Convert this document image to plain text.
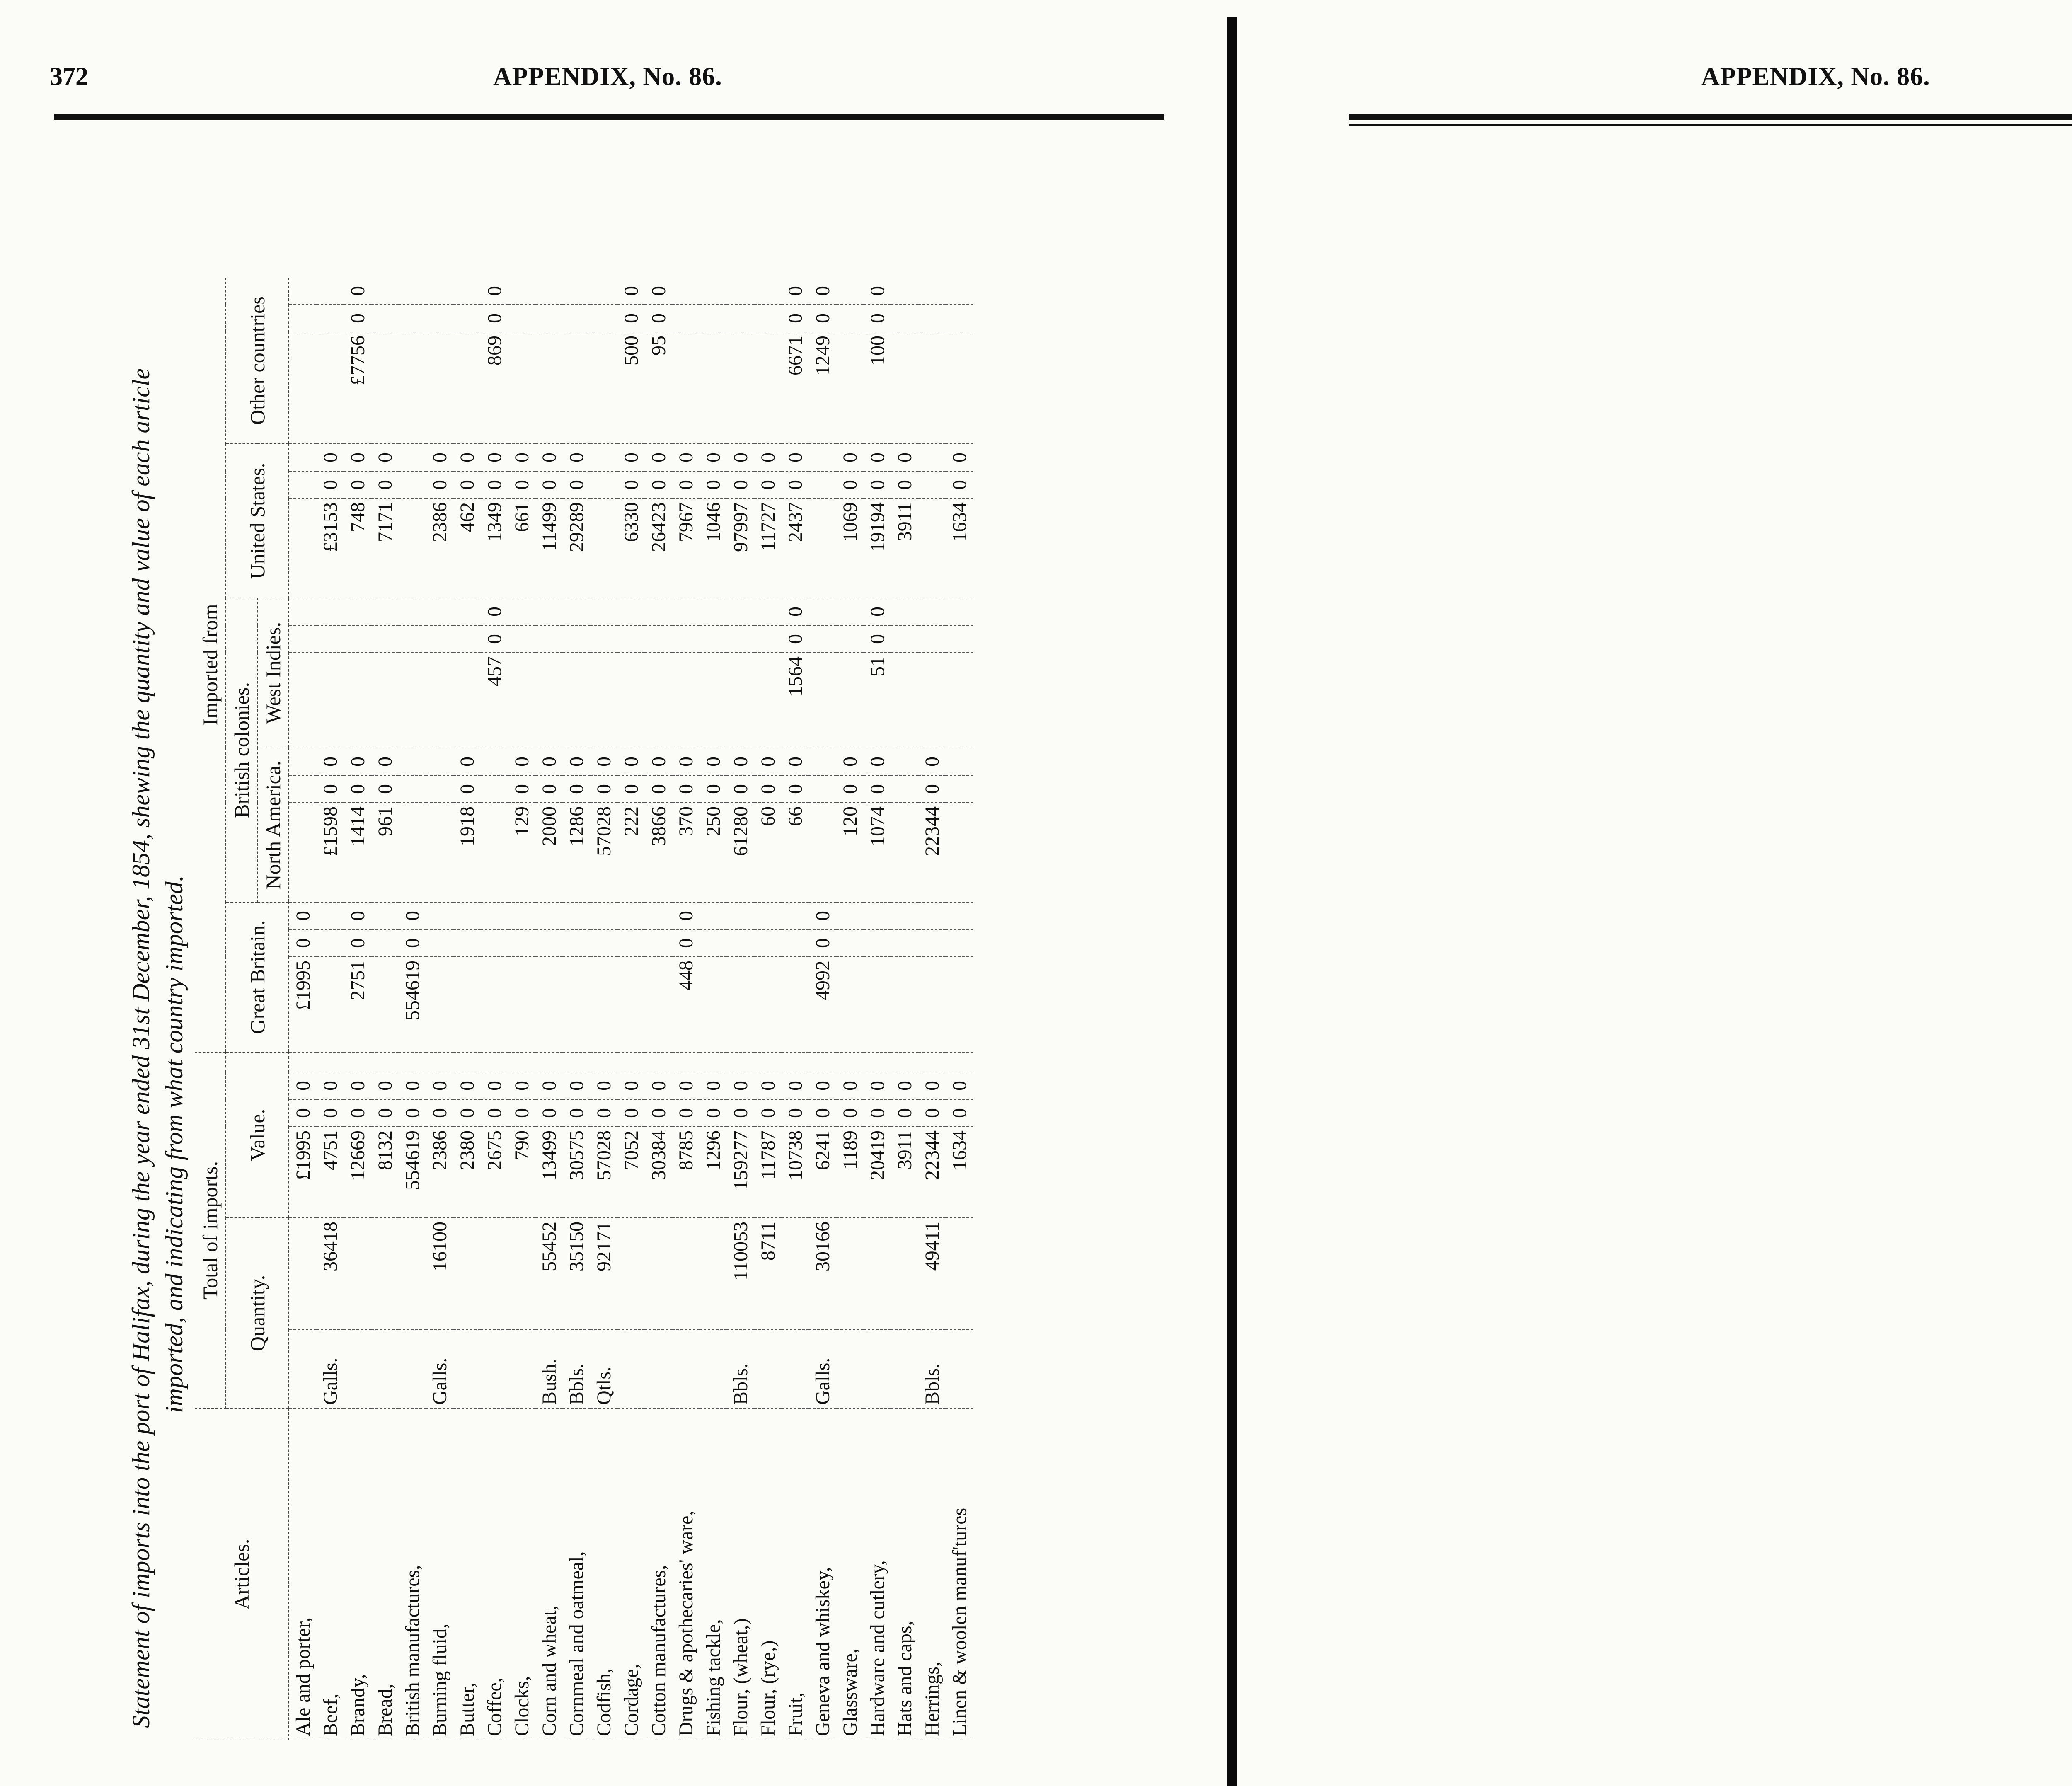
372	APPENDIX, No. 86.
Statement of imports into the port of Halifax, during the year ended 31st December, 1854, shewing the quantity and value of each article imported, and indicating from what country imported.
Articles.	Total of imports.						Imported from														
	Quantity.		Value.				Great Britain.			British colonies.						United States.			Other countries		
										North America.			West Indies.								
Ale and porter,			£1995	0	0		£1995	0	0												
Beef,	Galls.	36418	4751	0	0					£1598	0	0				£3153	0	0			
Brandy,			12669	0	0		2751	0	0	1414	0	0				748	0	0	£7756	0	0
Bread,			8132	0	0					961	0	0				7171	0	0			
British manufactures,			554619	0	0		554619	0	0												
Burning fluid,	Galls.	16100	2386	0	0											2386	0	0			
Butter,			2380	0	0					1918	0	0				462	0	0			
Coffee,			2675	0	0								457	0	0	1349	0	0	869	0	0
Clocks,			790	0	0					129	0	0				661	0	0			
Corn and wheat,	Bush.	55452	13499	0	0					2000	0	0				11499	0	0			
Cornmeal and oatmeal,	Bbls.	35150	30575	0	0					1286	0	0				29289	0	0			
Codfish,	Qtls.	92171	57028	0	0					57028	0	0									
Cordage,			7052	0	0					222	0	0				6330	0	0	500	0	0
Cotton manufactures,			30384	0	0					3866	0	0				26423	0	0	95	0	0
Drugs & apothecaries' ware,			8785	0	0		448	0	0	370	0	0				7967	0	0			
Fishing tackle,			1296	0	0					250	0	0				1046	0	0			
Flour, (wheat,)	Bbls.	110053	159277	0	0					61280	0	0				97997	0	0			
Flour, (rye,)		8711	11787	0	0					60	0	0				11727	0	0			
Fruit,			10738	0	0					66	0	0	1564	0	0	2437	0	0	6671	0	0
Geneva and whiskey,	Galls.	30166	6241	0	0		4992	0	0										1249	0	0
Glassware,			1189	0	0					120	0	0				1069	0	0			
Hardware and cutlery,			20419	0	0					1074	0	0	51	0	0	19194	0	0	100	0	0
Hats and caps,			3911	0	0											3911	0	0			
Herrings,	Bbls.	49411	22344	0	0					22344	0	0									
Linen & woolen manuf'tures			1634	0	0											1634	0	0			
APPENDIX, No. 86.
